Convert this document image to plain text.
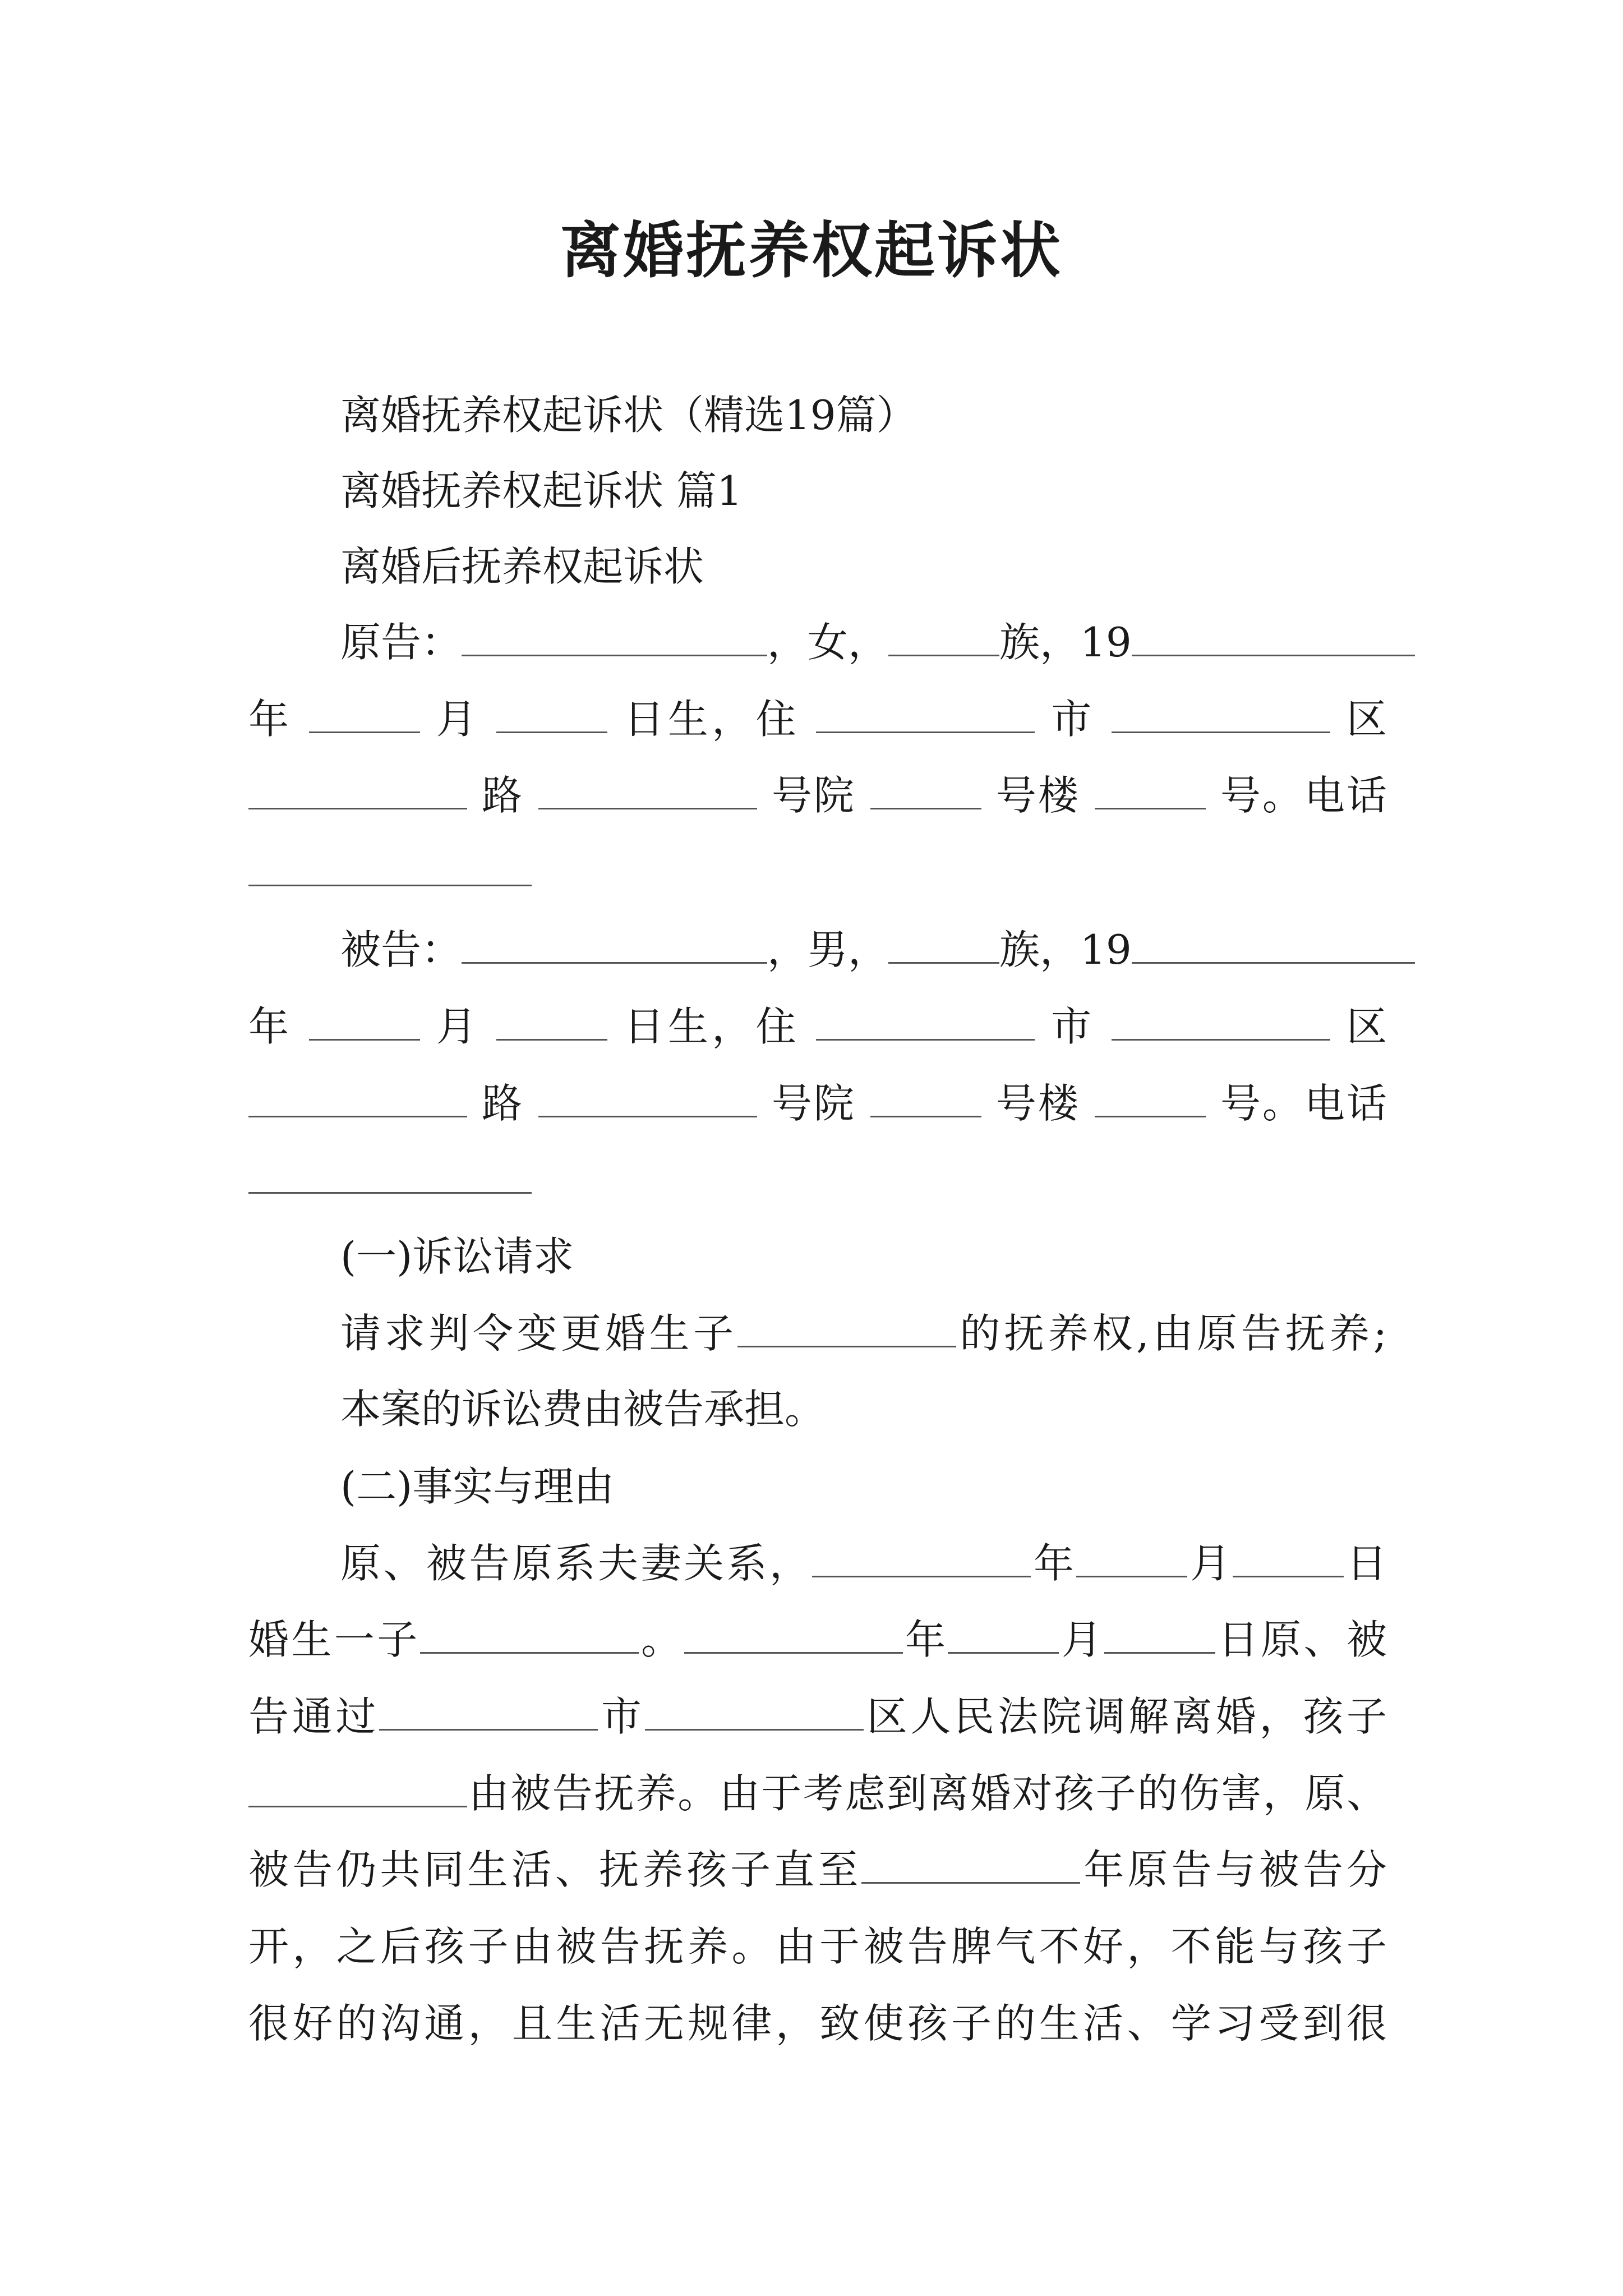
离婚抚养权起诉状
离婚抚养权起诉状（精选19篇）
离婚抚养权起诉状 篇1
离婚后抚养权起诉状
原告：	，女，	族，19
年	月	日生，住	市	区
路	号院	号楼	号。电话
被告：	，男，	族，19
年	月	日生，住	市	区
路	号院	号楼	号。电话
(一)诉讼请求
请求判令变更婚生子	的抚养权,由原告抚养;
本案的诉讼费由被告承担。
(二)事实与理由
原、被告原系夫妻关系，	年	月	日
婚生一子	。	年	月	日原、被
告通过	市	区人民法院调解离婚，孩子
由被告抚养。由于考虑到离婚对孩子的伤害，原、
被告仍共同生活、抚养孩子直至	年原告与被告分
开，之后孩子由被告抚养。由于被告脾气不好，不能与孩子
很好的沟通，且生活无规律，致使孩子的生活、学习受到很
